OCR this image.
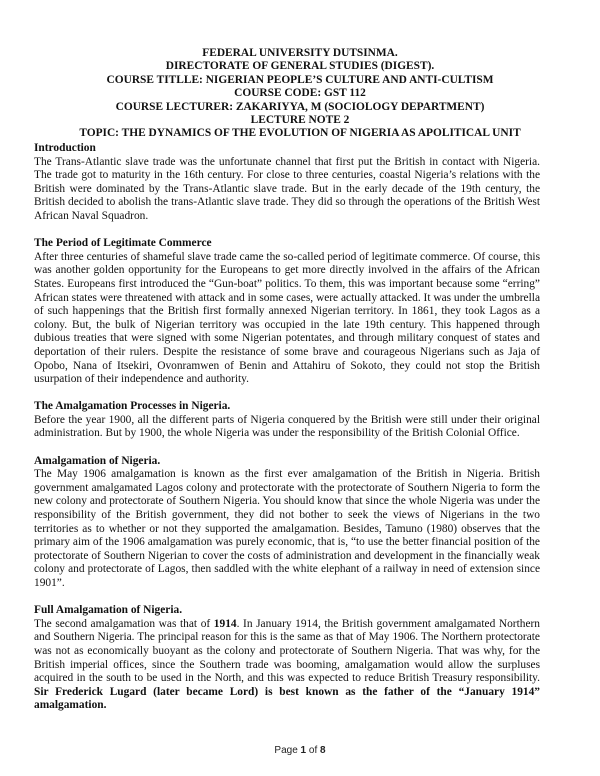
FEDERAL UNIVERSITY DUTSINMA.
DIRECTORATE OF GENERAL STUDIES (DIGEST).
COURSE TITLLE: NIGERIAN PEOPLE’S CULTURE AND ANTI-CULTISM
COURSE CODE: GST 112
COURSE LECTURER: ZAKARIYYA, M (SOCIOLOGY DEPARTMENT)
LECTURE NOTE 2
TOPIC: THE DYNAMICS OF THE EVOLUTION OF NIGERIA AS APOLITICAL UNIT
Introduction

The Trans-Atlantic slave trade was the unfortunate channel that first put the British in contact with Nigeria. The trade got to maturity in the 16th century. For close to three centuries, coastal Nigeria’s relations with the British were dominated by the Trans-Atlantic slave trade. But in the early decade of the 19th century, the British decided to abolish the trans-Atlantic slave trade. They did so through the operations of the British West African Naval Squadron.

The Period of Legitimate Commerce

After three centuries of shameful slave trade came the so-called period of legitimate commerce. Of course, this was another golden opportunity for the Europeans to get more directly involved in the affairs of the African States. Europeans first introduced the “Gun-boat” politics. To them, this was important because some “erring” African states were threatened with attack and in some cases, were actually attacked. It was under the umbrella of such happenings that the British first formally annexed Nigerian territory. In 1861, they took Lagos as a colony. But, the bulk of Nigerian territory was occupied in the late 19th century. This happened through dubious treaties that were signed with some Nigerian potentates, and through military conquest of states and deportation of their rulers. Despite the resistance of some brave and courageous Nigerians such as Jaja of Opobo, Nana of Itsekiri, Ovonramwen of Benin and Attahiru of Sokoto, they could not stop the British usurpation of their independence and authority.

The Amalgamation Processes in Nigeria.

Before the year 1900, all the different parts of Nigeria conquered by the British were still under their original administration. But by 1900, the whole Nigeria was under the responsibility of the British Colonial Office.

Amalgamation of Nigeria.

The May 1906 amalgamation is known as the first ever amalgamation of the British in Nigeria. British government amalgamated Lagos colony and protectorate with the protectorate of Southern Nigeria to form the new colony and protectorate of Southern Nigeria. You should know that since the whole Nigeria was under the responsibility of the British government, they did not bother to seek the views of Nigerians in the two territories as to whether or not they supported the amalgamation. Besides, Tamuno (1980) observes that the primary aim of the 1906 amalgamation was purely economic, that is, “to use the better financial position of the protectorate of Southern Nigerian to cover the costs of administration and development in the financially weak colony and protectorate of Lagos, then saddled with the white elephant of a railway in need of extension since 1901”.

Full Amalgamation of Nigeria.

The second amalgamation was that of 1914. In January 1914, the British government amalgamated Northern and Southern Nigeria. The principal reason for this is the same as that of May 1906. The Northern protectorate was not as economically buoyant as the colony and protectorate of Southern Nigeria. That was why, for the British imperial offices, since the Southern trade was booming, amalgamation would allow the surpluses acquired in the south to be used in the North, and this was expected to reduce British Treasury responsibility. Sir Frederick Lugard (later became Lord) is best known as the father of the “January 1914” amalgamation.

Page 1 of 8
